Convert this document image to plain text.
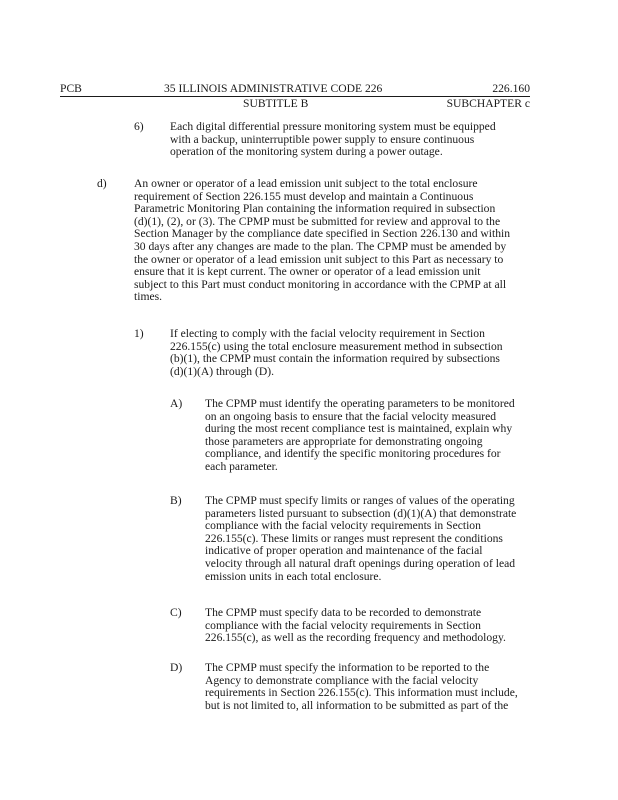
PCB	35 ILLINOIS ADMINISTRATIVE CODE 226	226.160
SUBTITLE B	SUBCHAPTER c
6) Each digital differential pressure monitoring system must be equipped

with a backup, uninterruptible power supply to ensure continuous

operation of the monitoring system during a power outage.

d) An owner or operator of a lead emission unit subject to the total enclosure

requirement of Section 226.155 must develop and maintain a Continuous

Parametric Monitoring Plan containing the information required in subsection

(d)(1), (2), or (3). The CPMP must be submitted for review and approval to the

Section Manager by the compliance date specified in Section 226.130 and within

30 days after any changes are made to the plan. The CPMP must be amended by

the owner or operator of a lead emission unit subject to this Part as necessary to

ensure that it is kept current. The owner or operator of a lead emission unit

subject to this Part must conduct monitoring in accordance with the CPMP at all

times.

1) If electing to comply with the facial velocity requirement in Section

226.155(c) using the total enclosure measurement method in subsection

(b)(1), the CPMP must contain the information required by subsections

(d)(1)(A) through (D).

A) The CPMP must identify the operating parameters to be monitored

on an ongoing basis to ensure that the facial velocity measured

during the most recent compliance test is maintained, explain why

those parameters are appropriate for demonstrating ongoing

compliance, and identify the specific monitoring procedures for

each parameter.

B) The CPMP must specify limits or ranges of values of the operating

parameters listed pursuant to subsection (d)(1)(A) that demonstrate

compliance with the facial velocity requirements in Section

226.155(c). These limits or ranges must represent the conditions

indicative of proper operation and maintenance of the facial

velocity through all natural draft openings during operation of lead

emission units in each total enclosure.

C) The CPMP must specify data to be recorded to demonstrate

compliance with the facial velocity requirements in Section

226.155(c), as well as the recording frequency and methodology.

D) The CPMP must specify the information to be reported to the

Agency to demonstrate compliance with the facial velocity

requirements in Section 226.155(c). This information must include,

but is not limited to, all information to be submitted as part of the
